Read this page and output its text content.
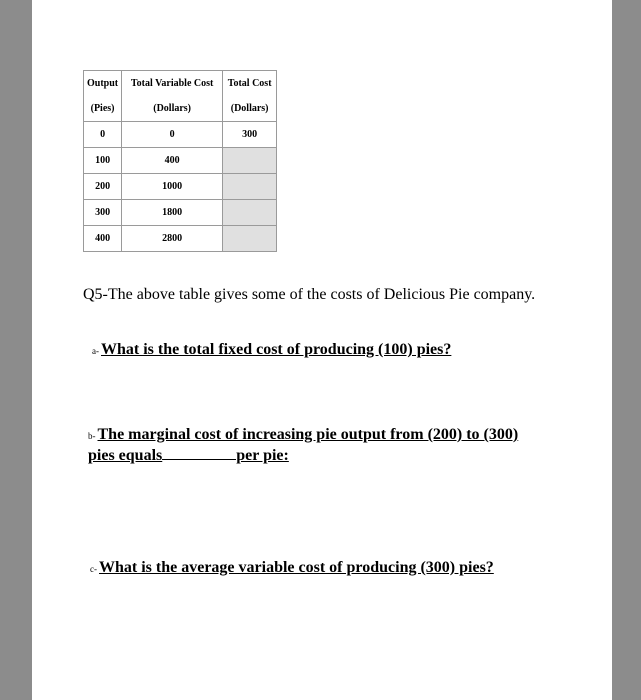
Output	Total Variable Cost	Total Cost
(Pies)	(Dollars)	(Dollars)
0	0	300
100	400	
200	1000	
300	1800	
400	2800	
Q5-The above table gives some of the costs of Delicious Pie company.
a- What is the total fixed cost of producing (100) pies?
b- The marginal cost of increasing pie output from (200) to (300) pies equals	per pie:
c- What is the average variable cost of producing (300) pies?
